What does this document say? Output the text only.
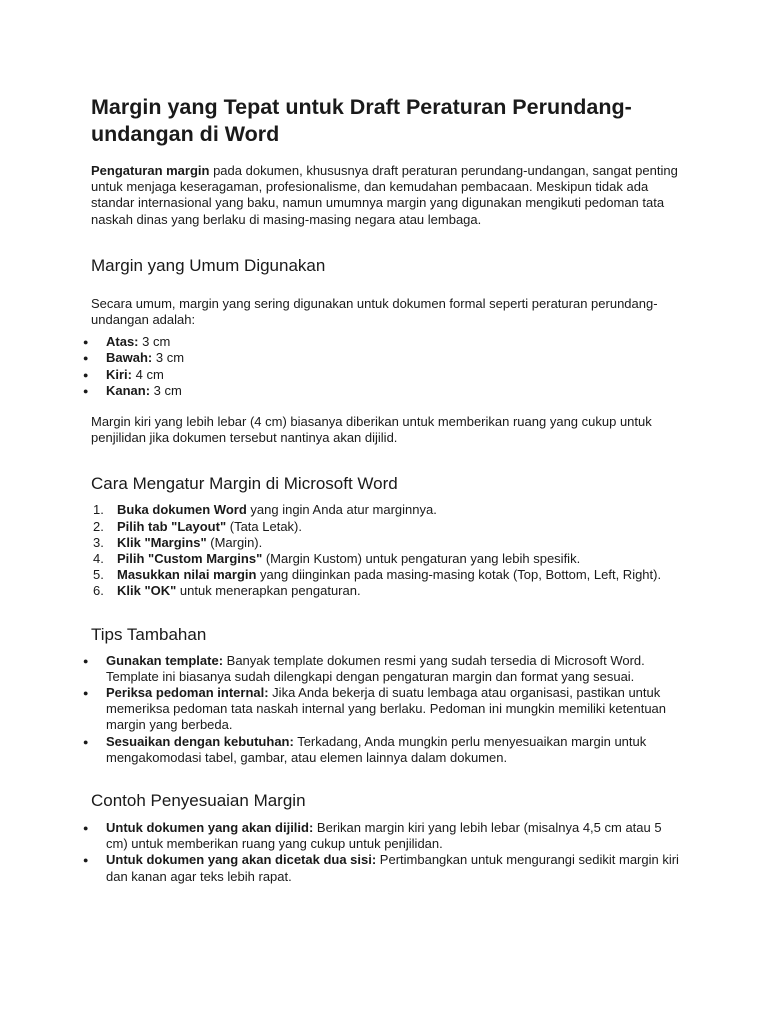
Margin yang Tepat untuk Draft Peraturan Perundang-undangan di Word

Pengaturan margin pada dokumen, khususnya draft peraturan perundang-undangan, sangat penting untuk menjaga keseragaman, profesionalisme, dan kemudahan pembacaan. Meskipun tidak ada standar internasional yang baku, namun umumnya margin yang digunakan mengikuti pedoman tata naskah dinas yang berlaku di masing-masing negara atau lembaga.

Margin yang Umum Digunakan

Secara umum, margin yang sering digunakan untuk dokumen formal seperti peraturan perundang-undangan adalah:

● Atas: 3 cm
● Bawah: 3 cm
● Kiri: 4 cm
● Kanan: 3 cm

Margin kiri yang lebih lebar (4 cm) biasanya diberikan untuk memberikan ruang yang cukup untuk penjilidan jika dokumen tersebut nantinya akan dijilid.

Cara Mengatur Margin di Microsoft Word
1. Buka dokumen Word yang ingin Anda atur marginnya.
2. Pilih tab "Layout" (Tata Letak).
3. Klik "Margins" (Margin).
4. Pilih "Custom Margins" (Margin Kustom) untuk pengaturan yang lebih spesifik.
5. Masukkan nilai margin yang diinginkan pada masing-masing kotak (Top, Bottom, Left, Right).
6. Klik "OK" untuk menerapkan pengaturan.
Tips Tambahan
● Gunakan template: Banyak template dokumen resmi yang sudah tersedia di Microsoft Word. Template ini biasanya sudah dilengkapi dengan pengaturan margin dan format yang sesuai.
● Periksa pedoman internal: Jika Anda bekerja di suatu lembaga atau organisasi, pastikan untuk memeriksa pedoman tata naskah internal yang berlaku. Pedoman ini mungkin memiliki ketentuan margin yang berbeda.
● Sesuaikan dengan kebutuhan: Terkadang, Anda mungkin perlu menyesuaikan margin untuk mengakomodasi tabel, gambar, atau elemen lainnya dalam dokumen.
Contoh Penyesuaian Margin
● Untuk dokumen yang akan dijilid: Berikan margin kiri yang lebih lebar (misalnya 4,5 cm atau 5 cm) untuk memberikan ruang yang cukup untuk penjilidan.
● Untuk dokumen yang akan dicetak dua sisi: Pertimbangkan untuk mengurangi sedikit margin kiri dan kanan agar teks lebih rapat.
